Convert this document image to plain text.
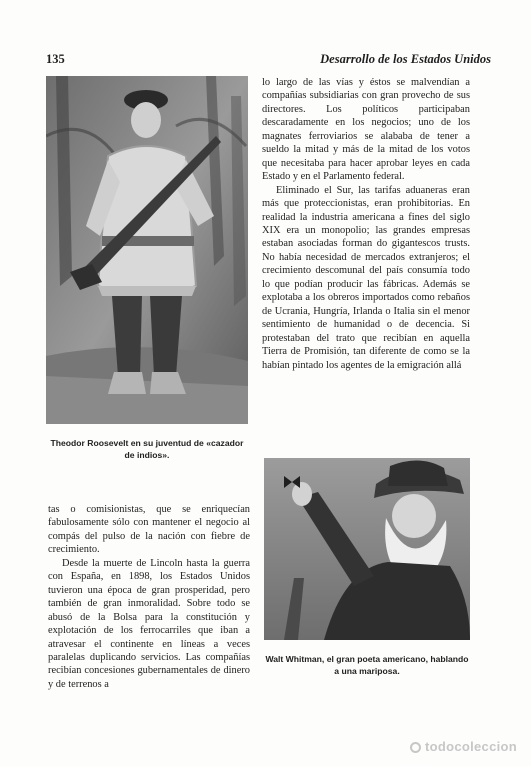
135	Desarrollo de los Estados Unidos
Theodor Roosevelt en su juventud de «cazador de indios».

lo largo de las vías y éstos se malvendían a compañías subsidiarias con gran provecho de sus directores. Los políticos participaban descaradamente en los negocios; uno de los magnates ferroviarios se alababa de tener a sueldo la mitad y más de la mitad de los votos que necesitaba para hacer aprobar leyes en cada Estado y en el Parlamento federal.

Eliminado el Sur, las tarifas aduaneras eran más que proteccionistas, eran prohibitorias. En realidad la industria americana a fines del siglo XIX era un monopolio; las grandes empresas estaban asociadas forman do gigantescos trusts. No había necesidad de mercados extranjeros; el crecimiento descomunal del país consumía todo lo que podían producir las fábricas. Además se explotaba a los obreros importados como rebaños de Ucrania, Hungría, Irlanda o Italia sin el menor sentimiento de humanidad o de decencia. Si protestaban del trato que recibían en aquella Tierra de Promisión, tan diferente de como se la habían pintado los agentes de la emigración allá

Walt Whitman, el gran poeta americano, hablando a una mariposa.

tas o comisionistas, que se enriquecían fabulosamente sólo con mantener el negocio al compás del pulso de la nación con fiebre de crecimiento.

Desde la muerte de Lincoln hasta la guerra con España, en 1898, los Estados Unidos tuvieron una época de gran prosperidad, pero también de gran inmoralidad. Sobre todo se abusó de la Bolsa para la constitución y explotación de los ferrocarriles que iban a atravesar el continente en líneas a veces paralelas duplicando servicios. Las compañías recibían concesiones gubernamentales de dinero y de terrenos a

todocoleccion
